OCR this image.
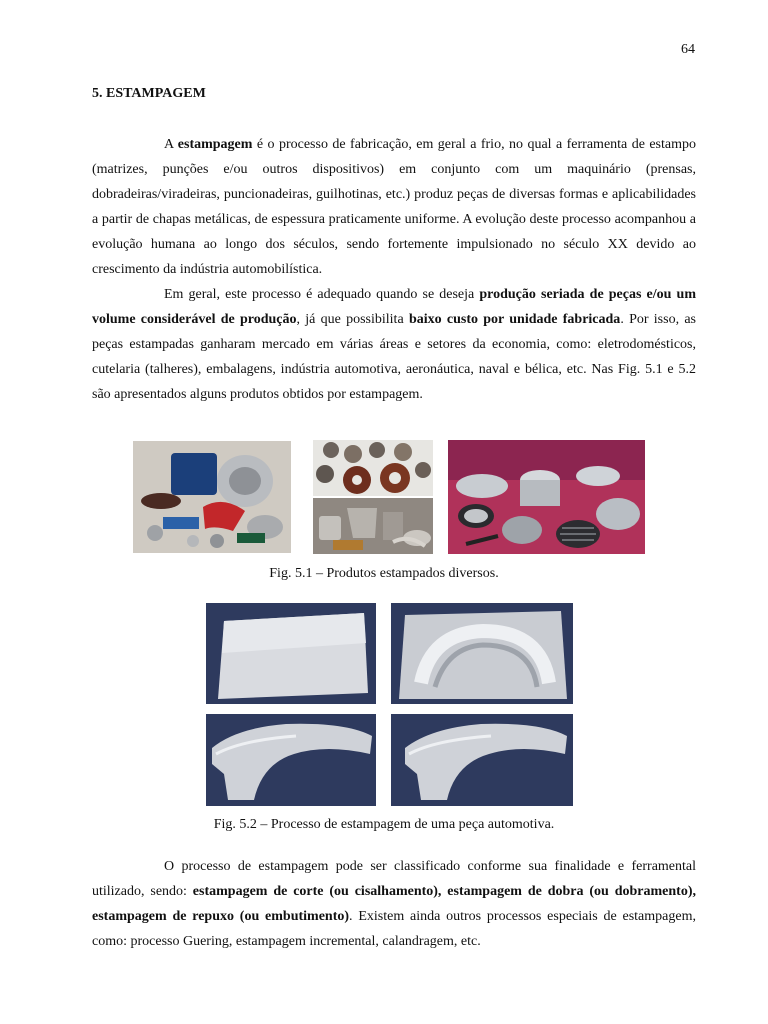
64
5. ESTAMPAGEM

A estampagem é o processo de fabricação, em geral a frio, no qual a ferramenta de estampo (matrizes, punções e/ou outros dispositivos) em conjunto com um maquinário (prensas, dobradeiras/viradeiras, puncionadeiras, guilhotinas, etc.) produz peças de diversas formas e aplicabilidades a partir de chapas metálicas, de espessura praticamente uniforme. A evolução deste processo acompanhou a evolução humana ao longo dos séculos, sendo fortemente impulsionado no século XX devido ao crescimento da indústria automobilística.

Em geral, este processo é adequado quando se deseja produção seriada de peças e/ou um volume considerável de produção, já que possibilita baixo custo por unidade fabricada. Por isso, as peças estampadas ganharam mercado em várias áreas e setores da economia, como: eletrodomésticos, cutelaria (talheres), embalagens, indústria automotiva, aeronáutica, naval e bélica, etc. Nas Fig. 5.1 e 5.2 são apresentados alguns produtos obtidos por estampagem.

Fig. 5.1 – Produtos estampados diversos.
Fig. 5.2 – Processo de estampagem de uma peça automotiva.

O processo de estampagem pode ser classificado conforme sua finalidade e ferramental utilizado, sendo: estampagem de corte (ou cisalhamento), estampagem de dobra (ou dobramento), estampagem de repuxo (ou embutimento). Existem ainda outros processos especiais de estampagem, como: processo Guering, estampagem incremental, calandragem, etc.
